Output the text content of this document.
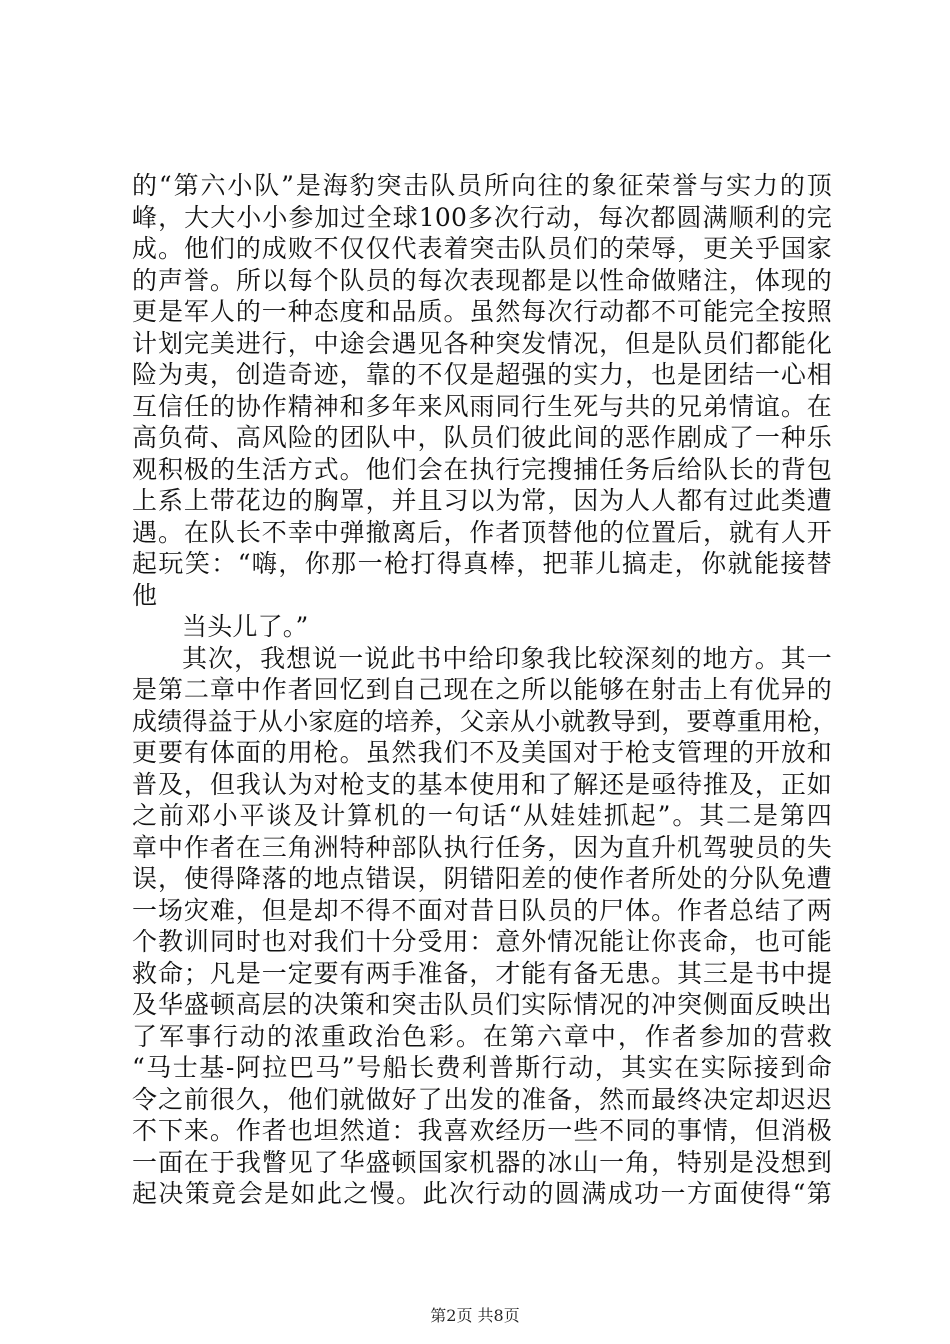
的“第六小队”是海豹突击队员所向往的象征荣誉与实力的顶
峰，大大小小参加过全球100多次行动，每次都圆满顺利的完
成。他们的成败不仅仅代表着突击队员们的荣辱，更关乎国家
的声誉。所以每个队员的每次表现都是以性命做赌注，体现的
更是军人的一种态度和品质。虽然每次行动都不可能完全按照
计划完美进行，中途会遇见各种突发情况，但是队员们都能化
险为夷，创造奇迹，靠的不仅是超强的实力，也是团结一心相
互信任的协作精神和多年来风雨同行生死与共的兄弟情谊。在
高负荷、高风险的团队中，队员们彼此间的恶作剧成了一种乐
观积极的生活方式。他们会在执行完搜捕任务后给队长的背包
上系上带花边的胸罩，并且习以为常，因为人人都有过此类遭
遇。在队长不幸中弹撤离后，作者顶替他的位置后，就有人开
起玩笑：“嗨，你那一枪打得真棒，把菲儿搞走，你就能接替
他
当头儿了。”
其次，我想说一说此书中给印象我比较深刻的地方。其一
是第二章中作者回忆到自己现在之所以能够在射击上有优异的
成绩得益于从小家庭的培养，父亲从小就教导到，要尊重用枪，
更要有体面的用枪。虽然我们不及美国对于枪支管理的开放和
普及，但我认为对枪支的基本使用和了解还是亟待推及，正如
之前邓小平谈及计算机的一句话“从娃娃抓起”。其二是第四
章中作者在三角洲特种部队执行任务，因为直升机驾驶员的失
误，使得降落的地点错误，阴错阳差的使作者所处的分队免遭
一场灾难，但是却不得不面对昔日队员的尸体。作者总结了两
个教训同时也对我们十分受用：意外情况能让你丧命，也可能
救命；凡是一定要有两手准备，才能有备无患。其三是书中提
及华盛顿高层的决策和突击队员们实际情况的冲突侧面反映出
了军事行动的浓重政治色彩。在第六章中，作者参加的营救
“马士基-阿拉巴马”号船长费利普斯行动，其实在实际接到命
令之前很久，他们就做好了出发的准备，然而最终决定却迟迟
不下来。作者也坦然道：我喜欢经历一些不同的事情，但消极
一面在于我瞥见了华盛顿国家机器的冰山一角，特别是没想到
起决策竟会是如此之慢。此次行动的圆满成功一方面使得“第
第2页 共8页
